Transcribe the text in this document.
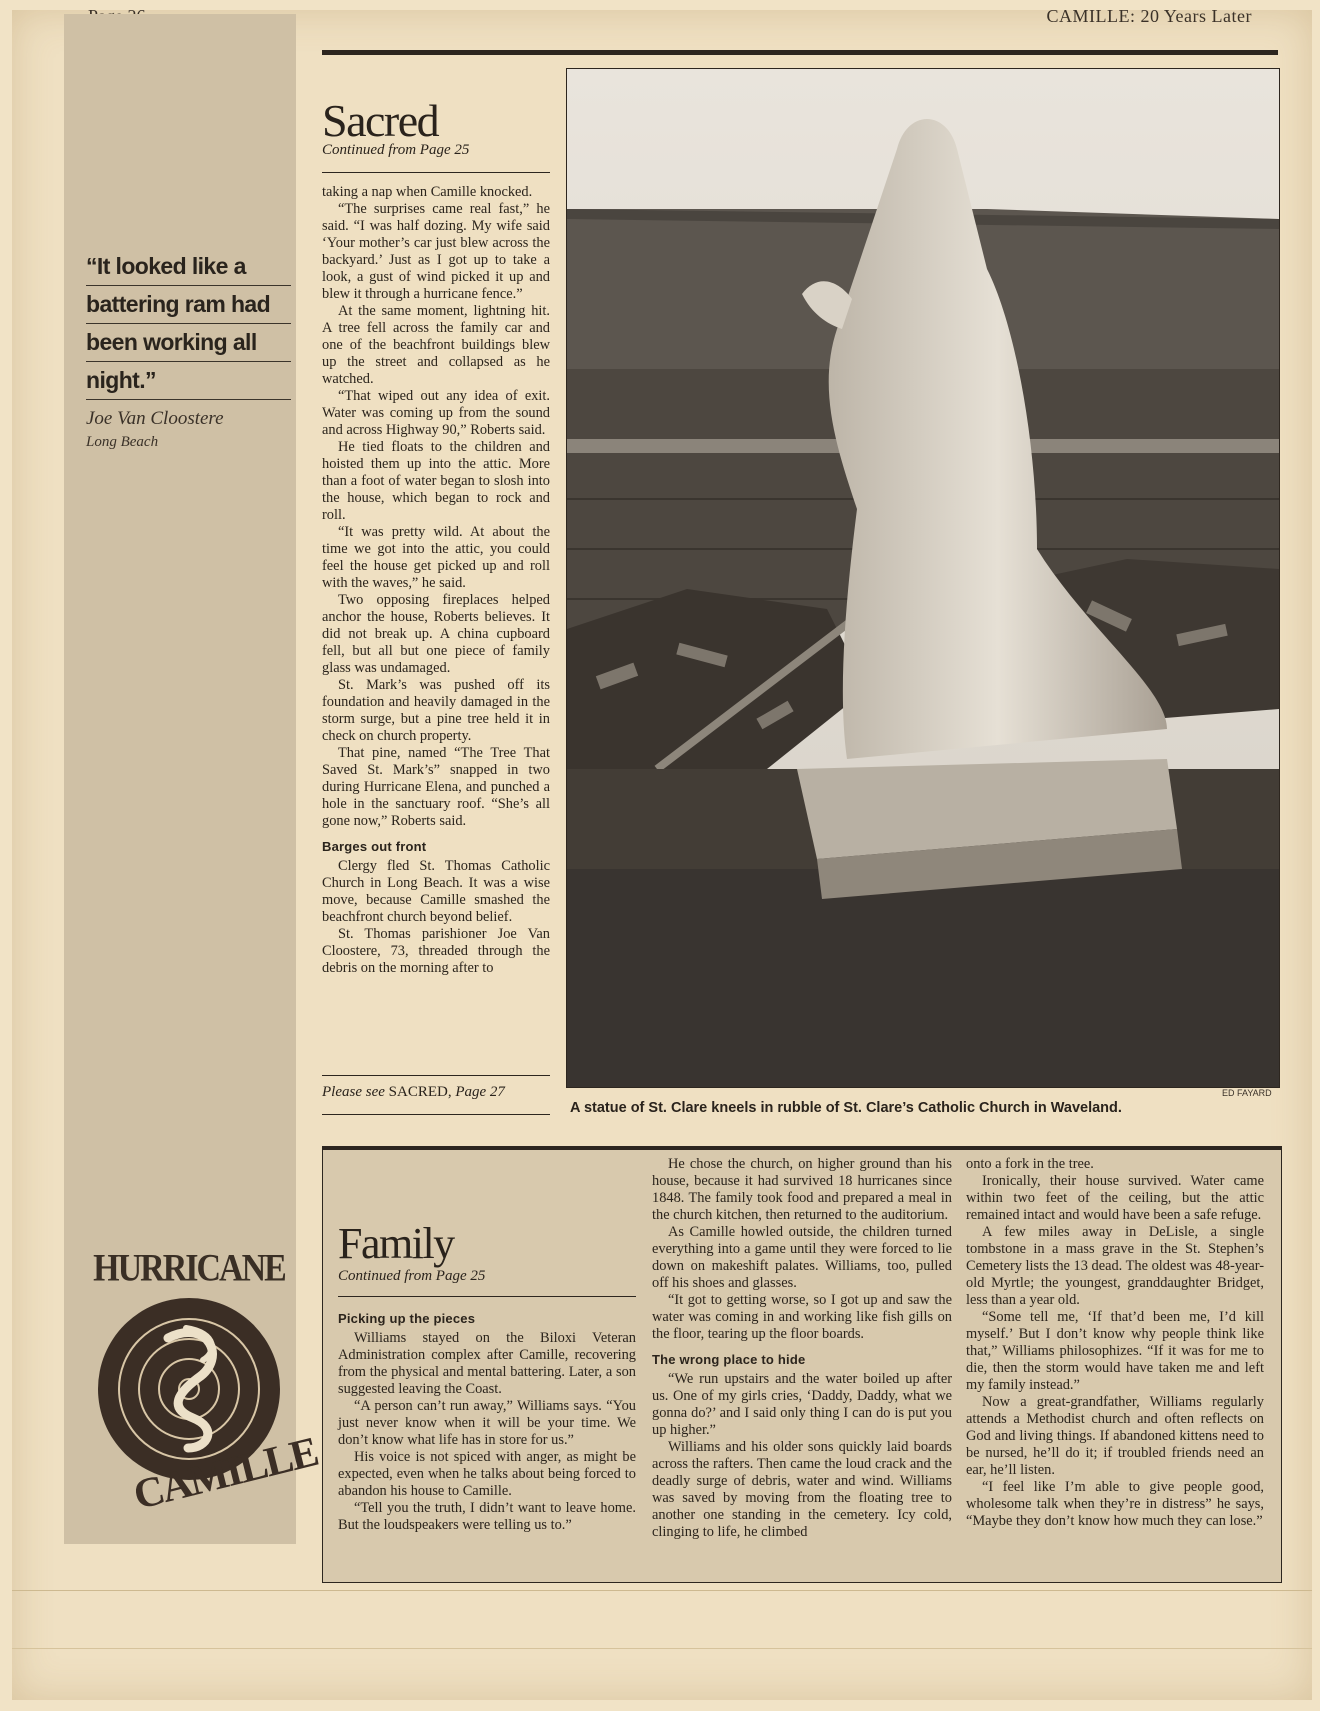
CAMILLE: 20 Years Later
“It looked like a
battering ram had
been working all
night.”
Joe Van Cloostere
Long Beach
HURRICANE
CAMILLE
Sacred
Continued from Page 25

taking a nap when Camille knocked.

“The surprises came real fast,” he said. “I was half dozing. My wife said ‘Your mother’s car just blew across the backyard.’ Just as I got up to take a look, a gust of wind picked it up and blew it through a hurricane fence.”

At the same moment, lightning hit. A tree fell across the family car and one of the beachfront buildings blew up the street and collapsed as he watched.

“That wiped out any idea of exit. Water was coming up from the sound and across Highway 90,” Roberts said.

He tied floats to the children and hoisted them up into the attic. More than a foot of water began to slosh into the house, which began to rock and roll.

“It was pretty wild. At about the time we got into the attic, you could feel the house get picked up and roll with the waves,” he said.

Two opposing fireplaces helped anchor the house, Roberts believes. It did not break up. A china cupboard fell, but all but one piece of family glass was undamaged.

St. Mark’s was pushed off its foundation and heavily damaged in the storm surge, but a pine tree held it in check on church property.

That pine, named “The Tree That Saved St. Mark’s” snapped in two during Hurricane Elena, and punched a hole in the sanctuary roof. “She’s all gone now,” Roberts said.

Barges out front

Clergy fled St. Thomas Catholic Church in Long Beach. It was a wise move, because Camille smashed the beachfront church beyond belief.

St. Thomas parishioner Joe Van Cloostere, 73, threaded through the debris on the morning after to

Please see SACRED, Page 27	ED FAYARD
A statue of St. Clare kneels in rubble of St. Clare’s Catholic Church in Waveland.
Family
Continued from Page 25
Picking up the pieces

Williams stayed on the Biloxi Veteran Administration complex after Camille, recovering from the physical and mental battering. Later, a son suggested leaving the Coast.

“A person can’t run away,” Williams says. “You just never know when it will be your time. We don’t know what life has in store for us.”

His voice is not spiced with anger, as might be expected, even when he talks about being forced to abandon his house to Camille.

“Tell you the truth, I didn’t want to leave home. But the loudspeakers were telling us to.”

He chose the church, on higher ground than his house, because it had survived 18 hurricanes since 1848. The family took food and prepared a meal in the church kitchen, then returned to the auditorium.

As Camille howled outside, the children turned everything into a game until they were forced to lie down on makeshift palates. Williams, too, pulled off his shoes and glasses.

“It got to getting worse, so I got up and saw the water was coming in and working like fish gills on the floor, tearing up the floor boards.

The wrong place to hide

“We run upstairs and the water boiled up after us. One of my girls cries, ‘Daddy, Daddy, what we gonna do?’ and I said only thing I can do is put you up higher.”

Williams and his older sons quickly laid boards across the rafters. Then came the loud crack and the deadly surge of debris, water and wind. Williams was saved by moving from the floating tree to another one standing in the cemetery. Icy cold, clinging to life, he climbed

onto a fork in the tree.

Ironically, their house survived. Water came within two feet of the ceiling, but the attic remained intact and would have been a safe refuge.

A few miles away in DeLisle, a single tombstone in a mass grave in the St. Stephen’s Cemetery lists the 13 dead. The oldest was 48-year-old Myrtle; the youngest, granddaughter Bridget, less than a year old.

“Some tell me, ‘If that’d been me, I’d kill myself.’ But I don’t know why people think like that,” Williams philosophizes. “If it was for me to die, then the storm would have taken me and left my family instead.”

Now a great-grandfather, Williams regularly attends a Methodist church and often reflects on God and living things. If abandoned kittens need to be nursed, he’ll do it; if troubled friends need an ear, he’ll listen.

“I feel like I’m able to give people good, wholesome talk when they’re in distress” he says, “Maybe they don’t know how much they can lose.”
